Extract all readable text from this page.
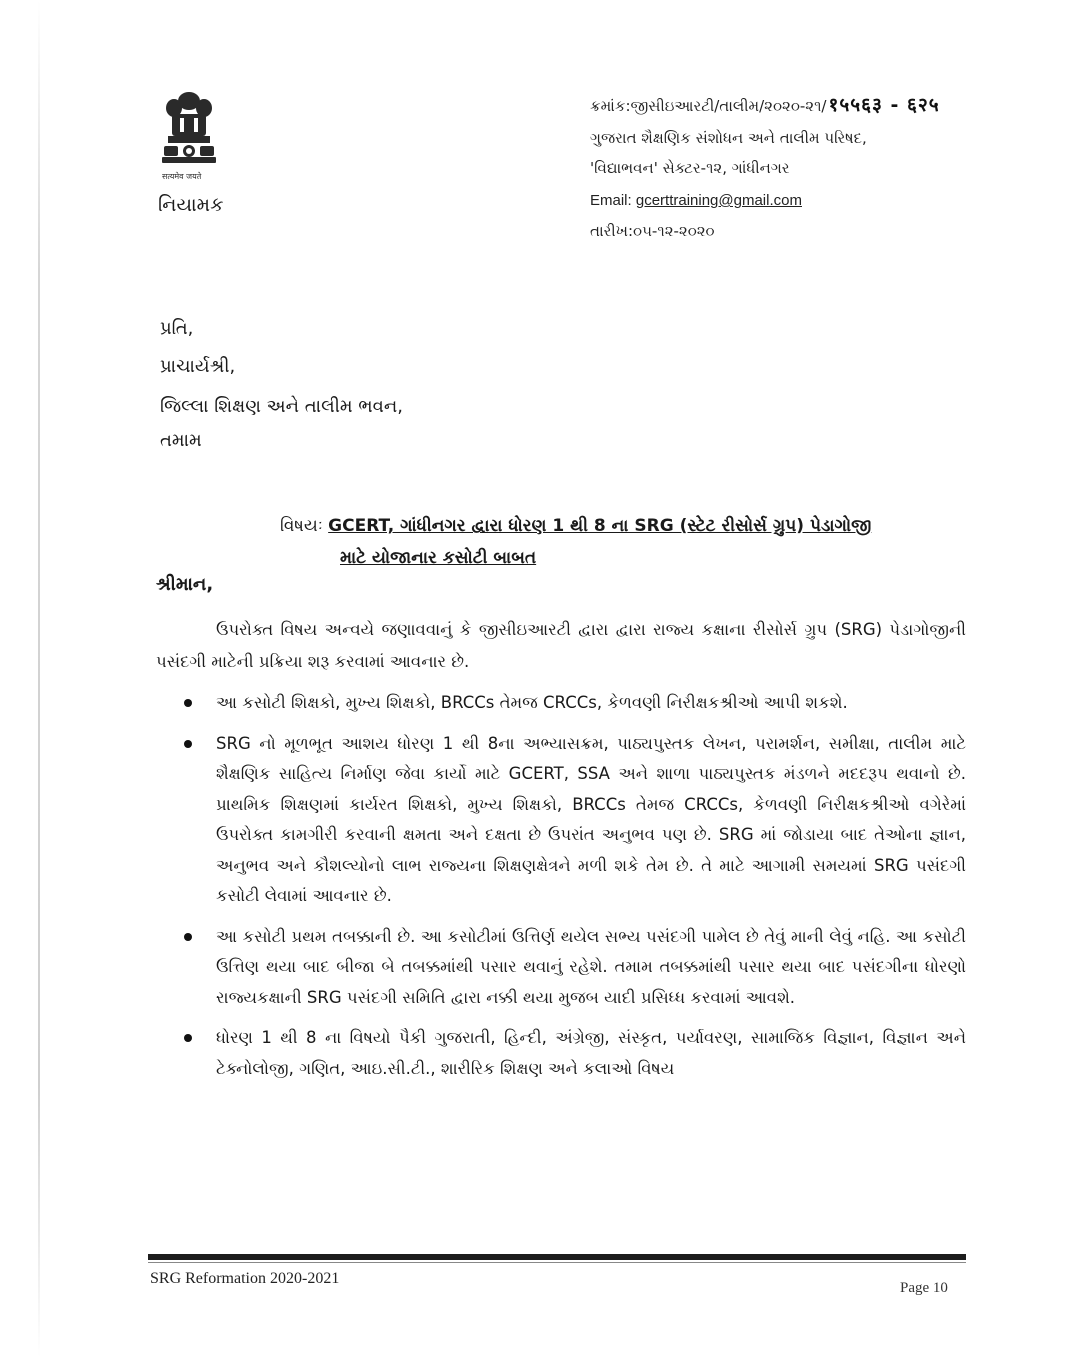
सत्यमेव जयते
નિયામક
ક્રમાંક:જીસીઇઆરટી/તાલીમ/૨૦૨૦-૨૧/ १५५६३ - ६२५
ગુજરાત શૈક્ષણિક સંશોધન અને તાલીમ પરિષદ,
'વિદ્યાભવન' સેક્ટર-૧૨, ગાંધીનગર
Email: gcerttraining@gmail.com
તારીખ:૦૫-૧૨-૨૦૨૦
પ્રતિ,
પ્રાચાર્યશ્રી,
જિલ્લા શિક્ષણ અને તાલીમ ભવન,
તમામ
વિષયઃ GCERT, ગાંધીનગર દ્વારા ધોરણ 1 થી 8 ના SRG (સ્ટેટ રીસોર્સ ગ્રુપ) પેડાગોજી
માટે યોજાનાર કસોટી બાબત
શ્રીમાન,
ઉપરોક્ત વિષય અન્વયે જણાવવાનું કે જીસીઇઆરટી દ્વારા દ્વારા રાજ્ય કક્ષાના રીસોર્સ ગ્રુપ (SRG) પેડાગોજીની પસંદગી માટેની પ્રક્રિયા શરૂ કરવામાં આવનાર છે.
આ કસોટી શિક્ષકો, મુખ્ય શિક્ષકો, BRCCs તેમજ CRCCs, કેળવણી નિરીક્ષકશ્રીઓ આપી શકશે.
SRG નો મૂળભૂત આશય ધોરણ 1 થી 8ના અભ્યાસક્રમ, પાઠ્યપુસ્તક લેખન, પરામર્શન, સમીક્ષા, તાલીમ માટે શૈક્ષણિક સાહિત્ય નિર્માણ જેવા કાર્યો માટે GCERT, SSA અને શાળા પાઠ્યપુસ્તક મંડળને મદદરૂપ થવાનો છે. પ્રાથમિક શિક્ષણમાં કાર્યરત શિક્ષકો, મુખ્ય શિક્ષકો, BRCCs તેમજ CRCCs, કેળવણી નિરીક્ષકશ્રીઓ વગેરેમાં ઉપરોક્ત કામગીરી કરવાની ક્ષમતા અને દક્ષતા છે ઉપરાંત અનુભવ પણ છે. SRG માં જોડાયા બાદ તેઓના જ્ઞાન, અનુભવ અને કૌશલ્યોનો લાભ રાજ્યના શિક્ષણક્ષેત્રને મળી શકે તેમ છે. તે માટે આગામી સમયમાં SRG પસંદગી કસોટી લેવામાં આવનાર છે.
આ કસોટી પ્રથમ તબક્કાની છે. આ કસોટીમાં ઉત્તિર્ણ થયેલ સભ્ય પસંદગી પામેલ છે તેવું માની લેવું નહિ. આ કસોટી ઉત્તિણ થયા બાદ બીજા બે તબક્કમાંથી પસાર થવાનું રહેશે. તમામ તબક્કમાંથી પસાર થયા બાદ પસંદગીના ધોરણો રાજ્યકક્ષાની SRG પસંદગી સમિતિ દ્વારા નક્કી થયા મુજબ યાદી પ્રસિધ્ધ કરવામાં આવશે.
ધોરણ 1 થી 8 ના વિષયો પૈકી ગુજરાતી, હિન્દી, અંગ્રેજી, સંસ્કૃત, પર્યાવરણ, સામાજિક વિજ્ઞાન, વિજ્ઞાન અને ટેક્નોલોજી, ગણિત, આઇ.સી.ટી., શારીરિક શિક્ષણ અને કલાઓ વિષય
SRG Reformation 2020-2021
Page 10
